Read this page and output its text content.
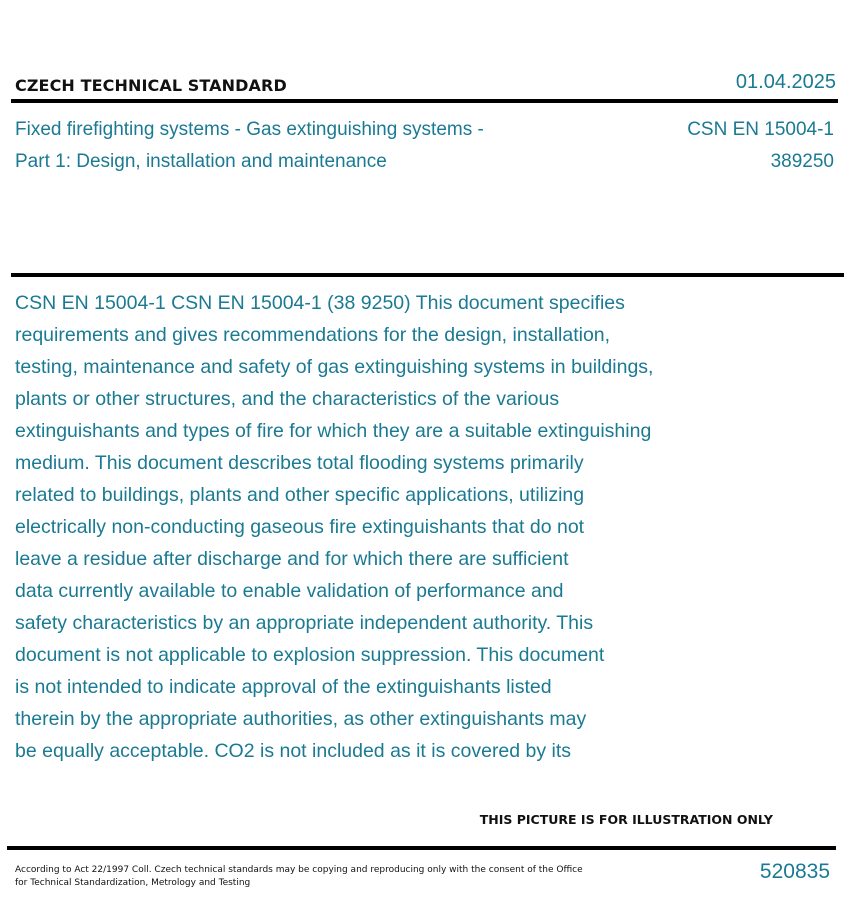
CZECH TECHNICAL STANDARD	01.04.2025
Fixed firefighting systems - Gas extinguishing systems - Part 1: Design, installation and maintenance
CSN EN 15004-1
389250
CSN EN 15004-1 CSN EN 15004-1 (38 9250) This document specifies
requirements and gives recommendations for the design, installation,
testing, maintenance and safety of gas extinguishing systems in buildings,
plants or other structures, and the characteristics of the various
extinguishants and types of fire for which they are a suitable extinguishing
medium. This document describes total flooding systems primarily
related to buildings, plants and other specific applications, utilizing
electrically non-conducting gaseous fire extinguishants that do not
leave a residue after discharge and for which there are sufficient
data currently available to enable validation of performance and
safety characteristics by an appropriate independent authority. This
document is not applicable to explosion suppression. This document
is not intended to indicate approval of the extinguishants listed
therein by the appropriate authorities, as other extinguishants may
be equally acceptable. CO2 is not included as it is covered by its
THIS PICTURE IS FOR ILLUSTRATION ONLY
According to Act 22/1997 Coll. Czech technical standards may be copying and reproducing only with the consent of the Office for Technical Standardization, Metrology and Testing	520835
